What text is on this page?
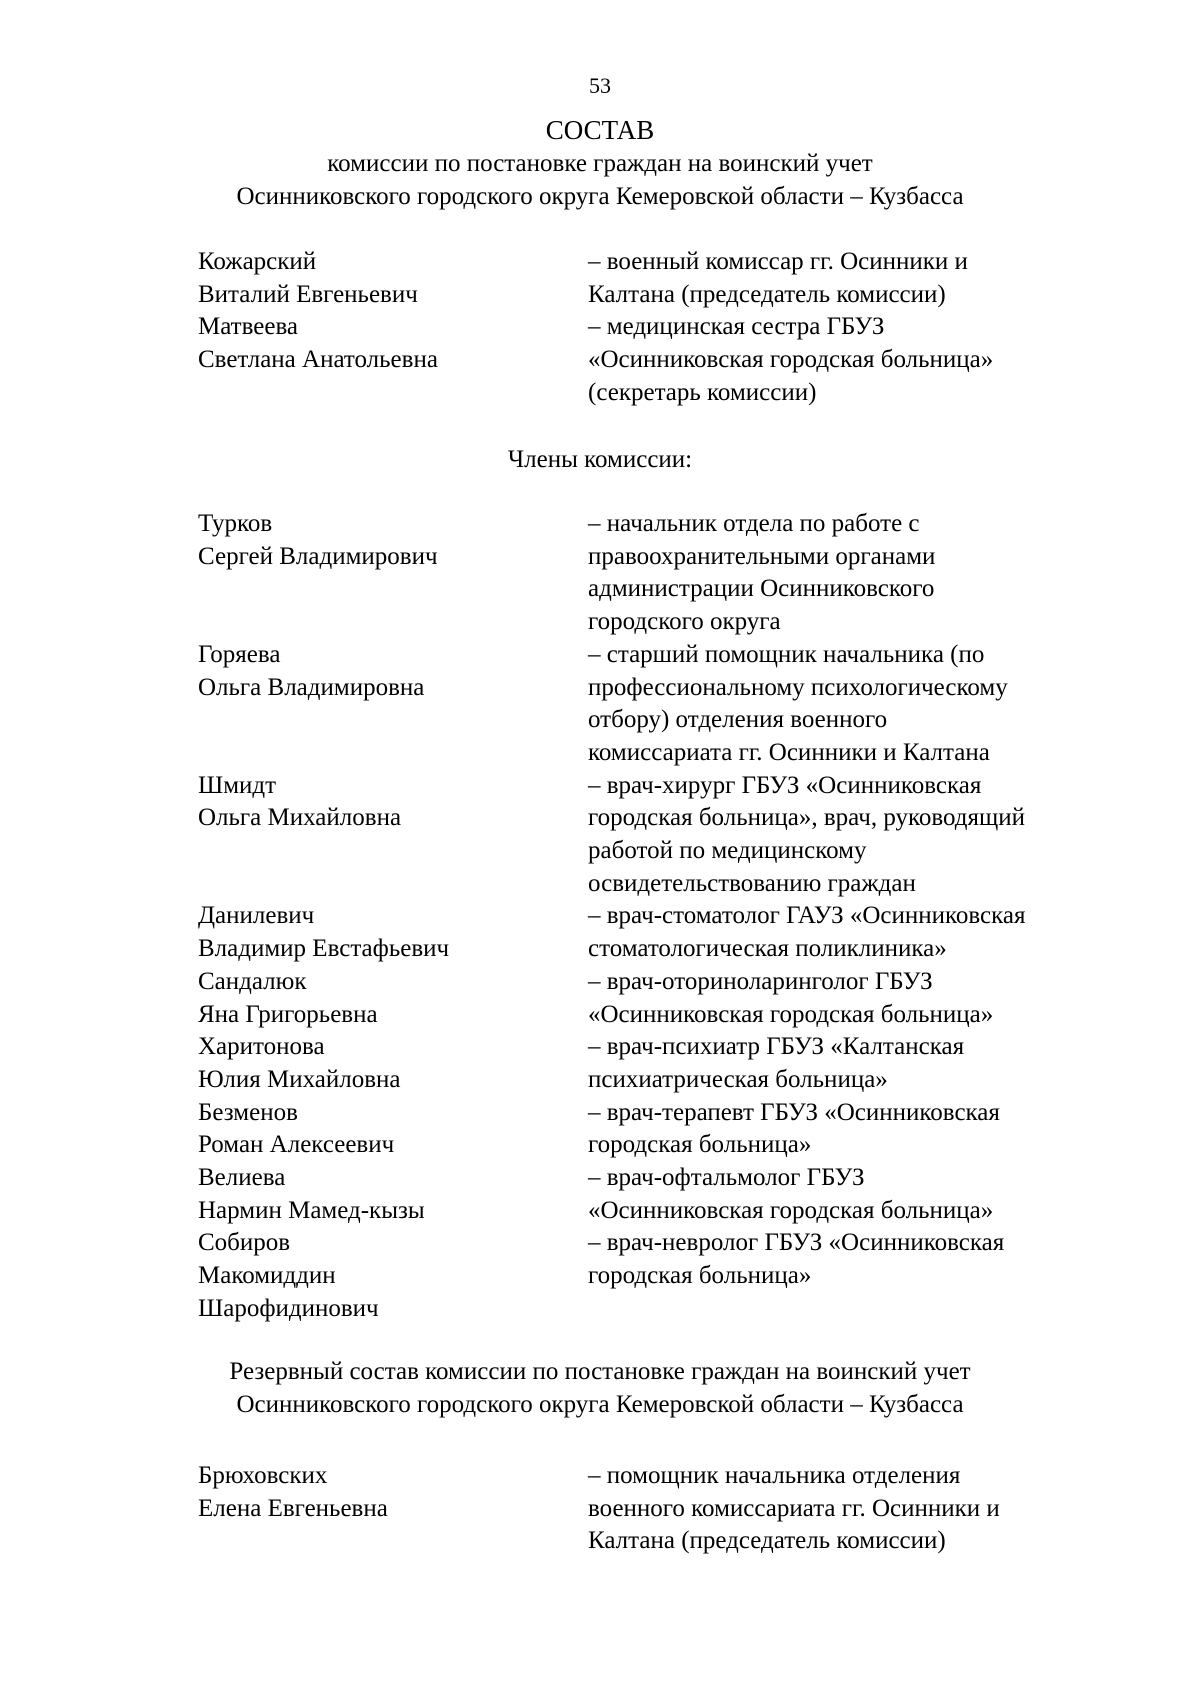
53
СОСТАВ
комиссии по постановке граждан на воинский учет
Осинниковского городского округа Кемеровской области – Кузбасса
Кожарский
Виталий Евгеньевич
– военный комиссар гг. Осинники и
Калтана (председатель комиссии)
Матвеева
Светлана Анатольевна
– медицинская сестра ГБУЗ
«Осинниковская городская больница»
(секретарь комиссии)
Члены комиссии:
Турков
Сергей Владимирович
– начальник отдела по работе с
правоохранительными органами
администрации Осинниковского
городского округа
Горяева
Ольга Владимировна
– старший помощник начальника (по
профессиональному психологическому
отбору) отделения военного
комиссариата гг. Осинники и Калтана
Шмидт
Ольга Михайловна
– врач-хирург ГБУЗ «Осинниковская
городская больница», врач, руководящий
работой по медицинскому
освидетельствованию граждан
Данилевич
Владимир Евстафьевич
– врач-стоматолог ГАУЗ «Осинниковская
стоматологическая поликлиника»
Сандалюк
Яна Григорьевна
– врач-оториноларинголог ГБУЗ
«Осинниковская городская больница»
Харитонова
Юлия Михайловна
– врач-психиатр ГБУЗ «Калтанская
психиатрическая больница»
Безменов
Роман Алексеевич
– врач-терапевт ГБУЗ «Осинниковская
городская больница»
Велиева
Нармин Мамед-кызы
– врач-офтальмолог ГБУЗ
«Осинниковская городская больница»
Собиров
Макомиддин
Шарофидинович
– врач-невролог ГБУЗ «Осинниковская
городская больница»
Резервный состав комиссии по постановке граждан на воинский учет
Осинниковского городского округа Кемеровской области – Кузбасса
Брюховских
Елена Евгеньевна
– помощник начальника отделения
военного комиссариата гг. Осинники и
Калтана (председатель комиссии)
